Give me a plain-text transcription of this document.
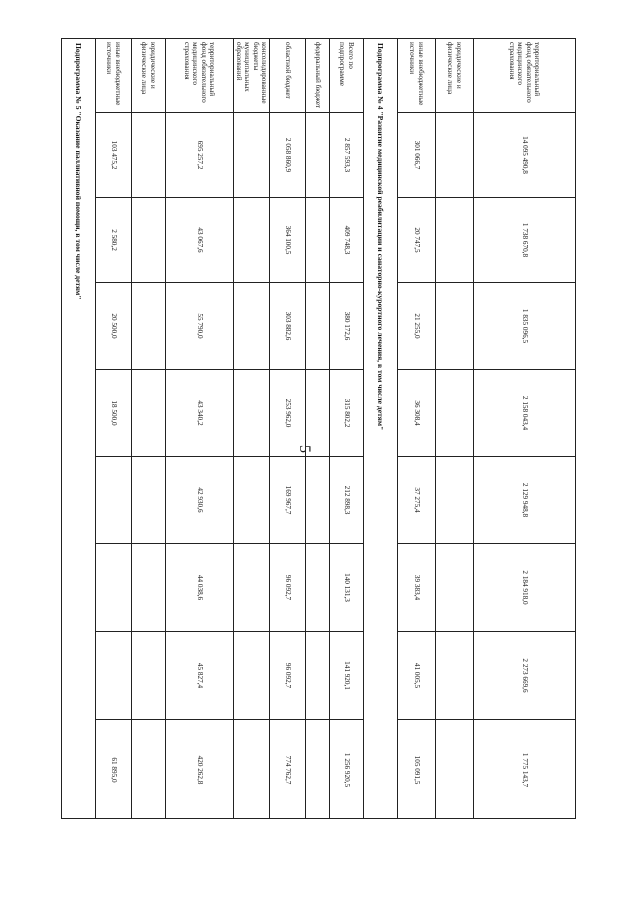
5
территориальный фонд обязательного медицинского страхования
14 095 490,8
1 738 670,8
1 835 096,5
2 158 043,4
2 129 948,8
2 184 918,0
2 273 669,6
1 775 143,7
юридические и физические лица
иные внебюджетные источники
301 066,7
20 747,5
21 255,0
36 308,4
37 275,4
39 383,4
41 005,5
105 091,5
Подпрограмма № 4 "Развитие медицинской реабилитации и санаторно-курортного лечения, в том числе детям"
Всего по подпрограмме
2 857 593,3
409 748,3
380 172,6
315 802,2
212 898,3
140 131,3
141 920,1
1 256 920,5
федеральный бюджет
областной бюджет
2 058 860,9
364 100,5
303 882,6
253 962,0
169 967,7
96 092,7
96 092,7
774 762,7
консолидированные бюджеты муниципальных образований
территориальный фонд обязательного медицинского страхования
695 257,2
43 067,6
55 790,0
43 340,2
42 930,6
44 038,6
45 827,4
420 262,8
юридические и физические лица
иные внебюджетные источники
103 475,2
2 580,2
20 500,0
18 500,0
61 895,0
Подпрограмма № 5 "Оказание паллиативной помощи, в том числе детям"
